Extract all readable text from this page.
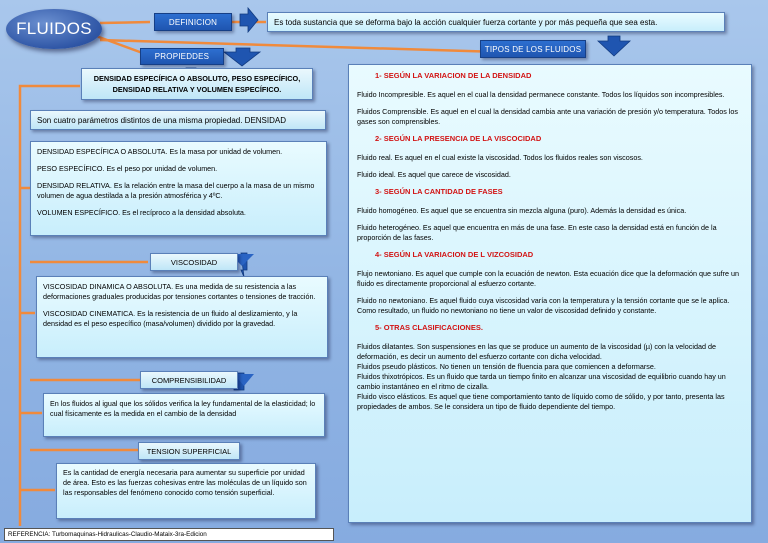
FLUIDOS	DEFINICION	Es toda sustancia que se deforma bajo la acción cualquier fuerza cortante y por más pequeña que sea esta.
PROPIEDDES
TIPOS DE LOS FLUIDOS
DENSIDAD ESPECÍFICA O ABSOLUTO, PESO ESPECÍFICO, DENSIDAD RELATIVA Y VOLUMEN ESPECÍFICO.
Son cuatro parámetros distintos de una misma propiedad. DENSIDAD

DENSIDAD ESPECÍFICA O ABSOLUTA. Es la masa por unidad de volumen.

PESO ESPECÍFICO. Es el peso por unidad de volumen.

DENSIDAD RELATIVA. Es la relación entre la masa del cuerpo a la masa de un mismo volumen de agua destilada a la presión atmosférica y 4ºC.

VOLUMEN ESPECÍFICO. Es el recíproco a la densidad absoluta.

VISCOSIDAD

VISCOSIDAD DINAMICA O ABSOLUTA. Es una medida de su resistencia a las deformaciones graduales producidas por tensiones cortantes o tensiones de tracción.

VISCOSIDAD CINEMATICA. Es la resistencia de un fluido al deslizamiento, y la densidad es el peso específico (masa/volumen) dividido por la gravedad.

COMPRENSIBILIDAD
En los fluidos al igual que los sólidos verifica la ley fundamental de la elasticidad; lo cual físicamente es la medida en el cambio de la densidad
TENSION SUPERFICIAL
Es la cantidad de energía necesaria para aumentar su superficie por unidad de área. Esto es las fuerzas cohesivas entre las moléculas de un líquido son las responsables del fenómeno conocido como tensión superficial.
REFERENCIA: Turbomaquinas-Hidraulicas-Claudio-Mataix-3ra-Edicion
1- SEGÚN LA VARIACION DE LA DENSIDAD

Fluido Incompresible. Es aquel en el cual la densidad permanece constante. Todos los líquidos son incompresibles.

Fluidos Comprensible. Es aquel en el cual la densidad cambia ante una variación de presión y/o temperatura. Todos los gases son comprensibles.

2- SEGÚN LA PRESENCIA DE LA VISCOCIDAD

Fluido real. Es aquel en el cual existe la viscosidad. Todos los fluidos reales son viscosos.

Fluido ideal. Es aquel que carece de viscosidad.

3- SEGÚN LA CANTIDAD DE FASES

Fluido homogéneo. Es aquel que se encuentra sin mezcla alguna (puro). Además la densidad es única.

Fluido heterogéneo. Es aquel que encuentra en más de una fase. En este caso la densidad está en función de la proporción de las fases.

4- SEGÚN LA VARIACION DE L VIZCOSIDAD

Flujo newtoniano. Es aquel que cumple con la ecuación de newton. Esta ecuación dice que la deformación que sufre un fluido es directamente proporcional al esfuerzo cortante.

Fluido no newtoniano. Es aquel fluido cuya viscosidad varía con la temperatura y la tensión cortante que se le aplica. Como resultado, un fluido no newtoniano no tiene un valor de viscosidad definido y constante.

5- OTRAS CLASIFICACIONES.
Fluidos dilatantes. Son suspensiones en las que se produce un aumento de la viscosidad (µ) con la velocidad de deformación, es decir un aumento del esfuerzo cortante con dicha velocidad.
Fluidos pseudo plásticos. No tienen un tensión de fluencia para que comiencen a deformarse.
Fluidos thixotrópicos. Es un fluido que tarda un tiempo finito en alcanzar una viscosidad de equilibrio cuando hay un cambio instantáneo en el ritmo de cizalla.
Fluido visco elásticos. Es aquel que tiene comportamiento tanto de líquido como de sólido, y por tanto, presenta las propiedades de ambos. Se le considera un tipo de fluido dependiente del tiempo.
